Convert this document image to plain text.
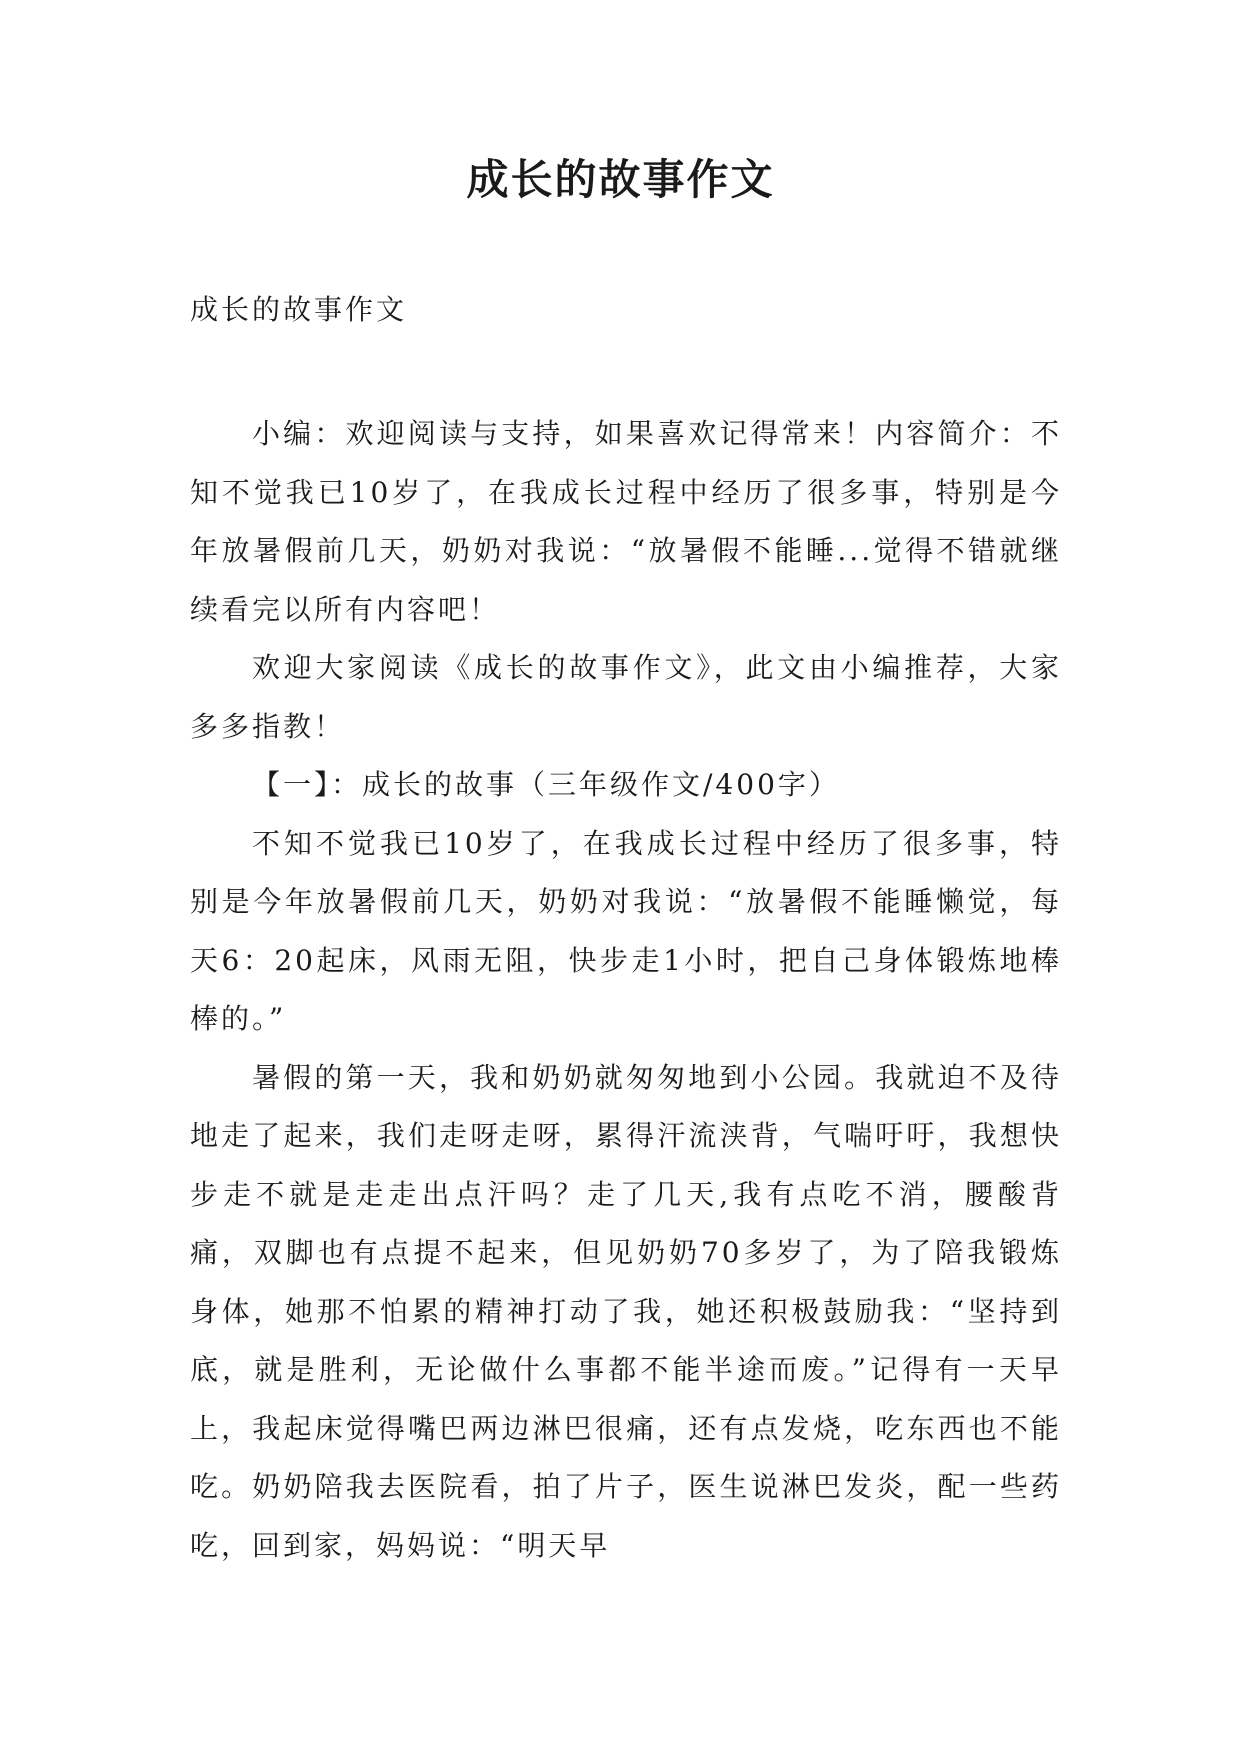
成长的故事作文
成长的故事作文

小编：欢迎阅读与支持，如果喜欢记得常来！内容简介：不知不觉我已10岁了，在我成长过程中经历了很多事，特别是今年放暑假前几天，奶奶对我说：“放暑假不能睡...觉得不错就继续看完以所有内容吧！

欢迎大家阅读《成长的故事作文》，此文由小编推荐，大家多多指教！

【一】：成长的故事（三年级作文/400字）

不知不觉我已10岁了，在我成长过程中经历了很多事，特别是今年放暑假前几天，奶奶对我说：“放暑假不能睡懒觉，每天6：20起床，风雨无阻，快步走1小时，把自己身体锻炼地棒棒的。”

暑假的第一天，我和奶奶就匆匆地到小公园。我就迫不及待地走了起来，我们走呀走呀，累得汗流浃背，气喘吁吁，我想快步走不就是走走出点汗吗？走了几天,我有点吃不消，腰酸背痛，双脚也有点提不起来，但见奶奶70多岁了，为了陪我锻炼身体，她那不怕累的精神打动了我，她还积极鼓励我：“坚持到底，就是胜利，无论做什么事都不能半途而废。”记得有一天早上，我起床觉得嘴巴两边淋巴很痛，还有点发烧，吃东西也不能吃。奶奶陪我去医院看，拍了片子，医生说淋巴发炎，配一些药吃，回到家，妈妈说：“明天早
